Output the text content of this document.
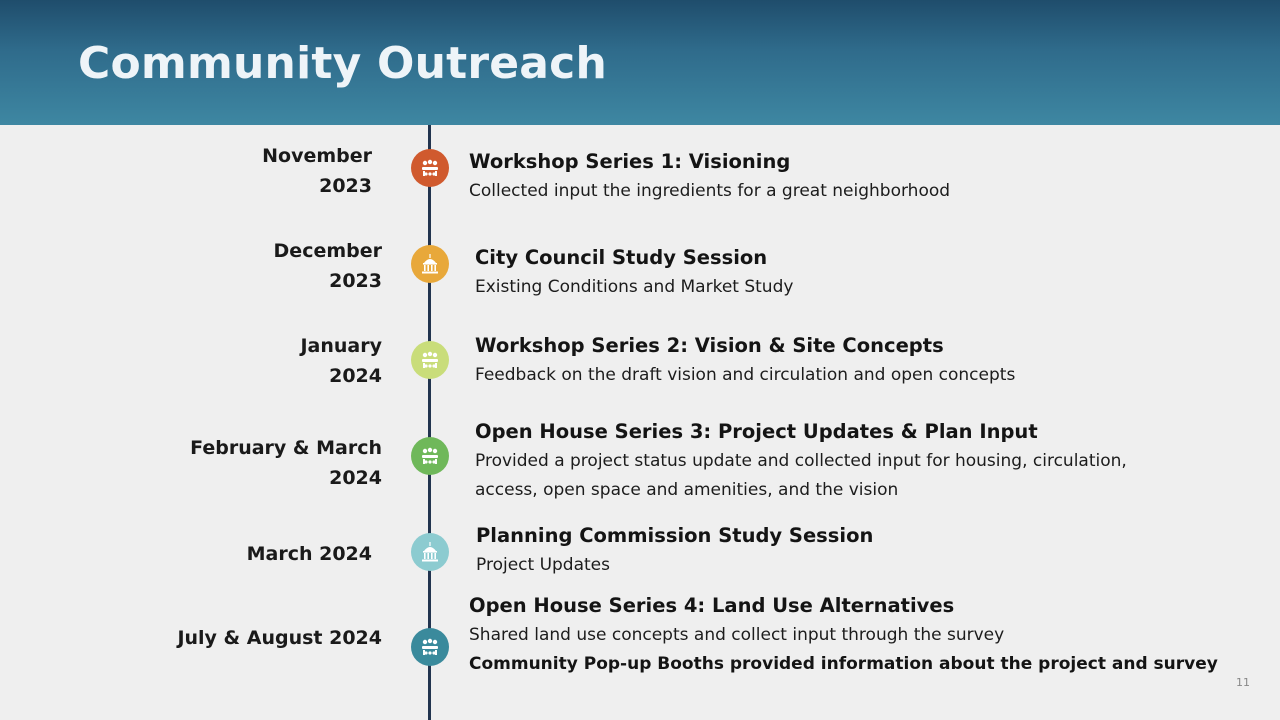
Community Outreach
November
2023
Workshop Series 1: Visioning
Collected input the ingredients for a great neighborhood
December
2023
City Council Study Session
Existing Conditions and Market Study
January
2024
Workshop Series 2: Vision & Site Concepts
Feedback on the draft vision and circulation and open concepts
February & March
2024
Open House Series 3: Project Updates & Plan Input
Provided a project status update and collected input for housing, circulation,
access, open space and amenities, and the vision
March 2024
Planning Commission Study Session
Project Updates
July & August 2024
Open House Series 4: Land Use Alternatives
Shared land use concepts and collect input through the survey
Community Pop-up Booths provided information about the project and survey
11
